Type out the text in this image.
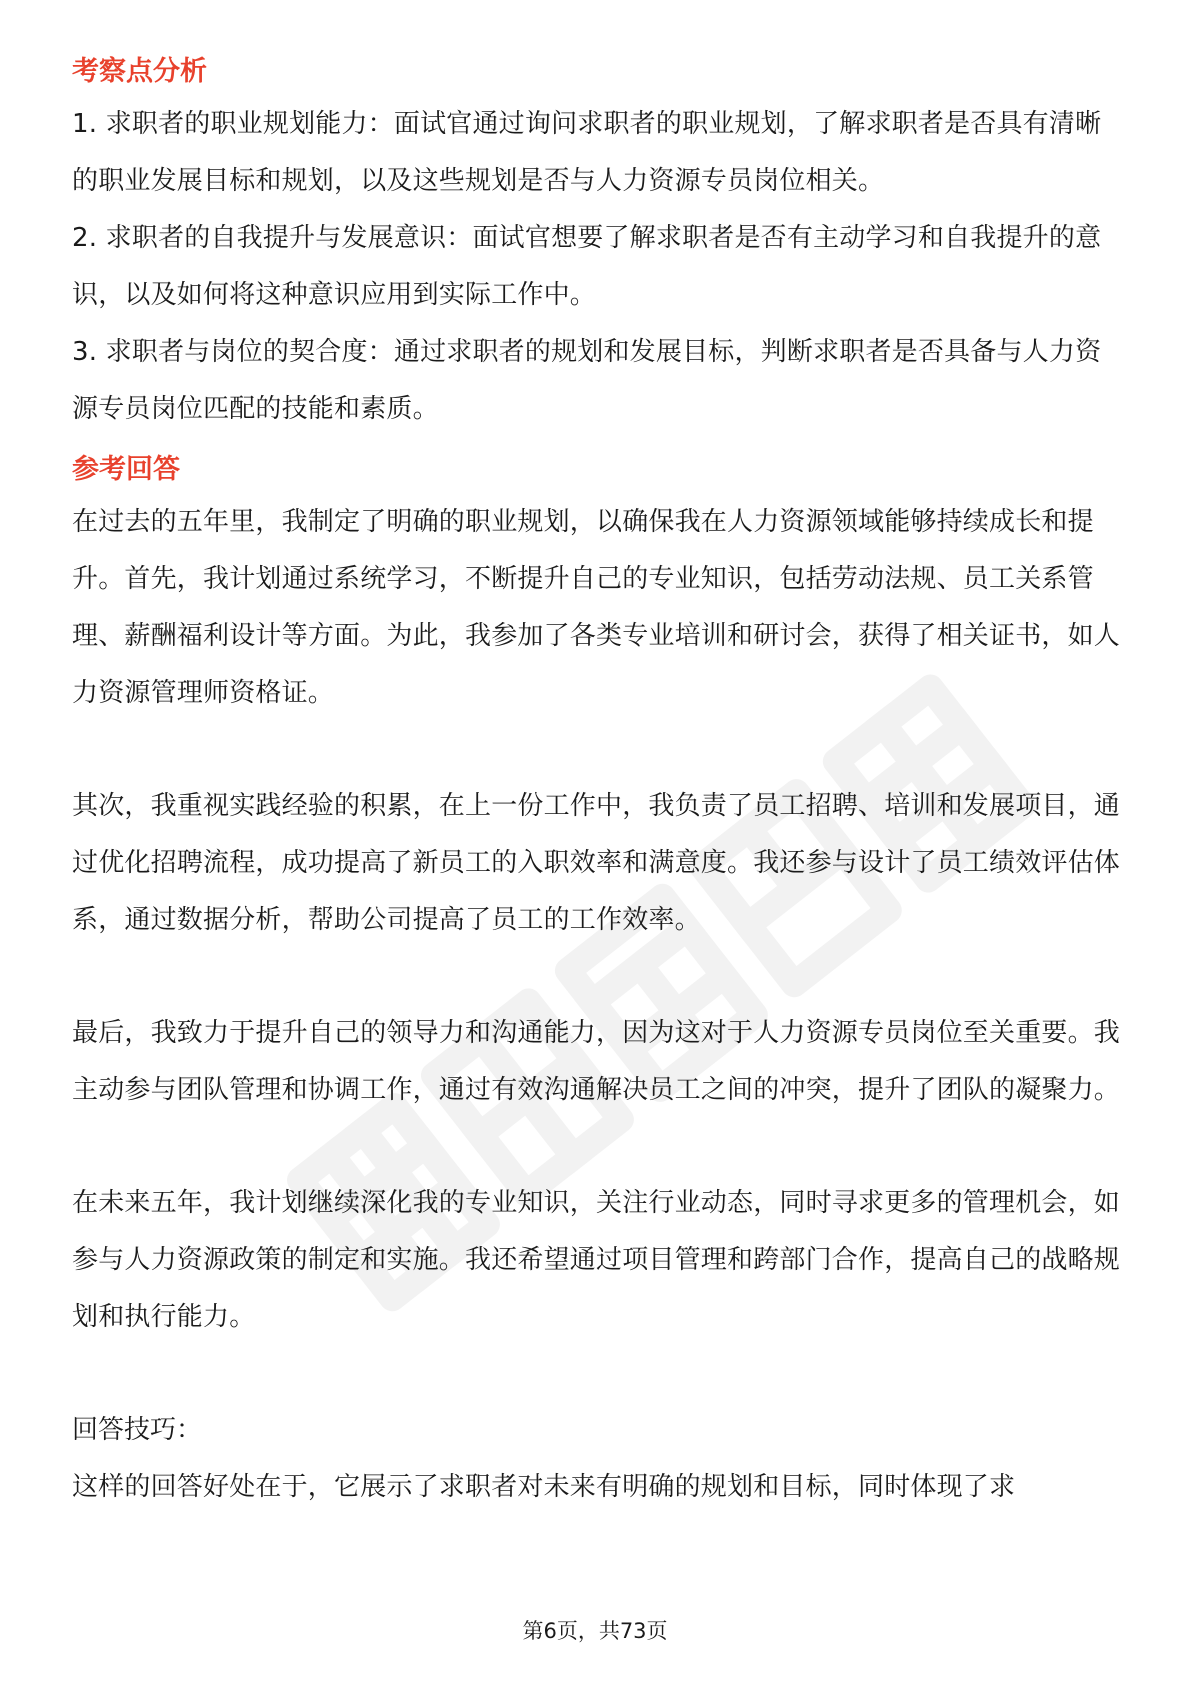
考察点分析

1. 求职者的职业规划能力：面试官通过询问求职者的职业规划，了解求职者是否具有清晰的职业发展目标和规划，以及这些规划是否与人力资源专员岗位相关。

2. 求职者的自我提升与发展意识：面试官想要了解求职者是否有主动学习和自我提升的意识，以及如何将这种意识应用到实际工作中。

3. 求职者与岗位的契合度：通过求职者的规划和发展目标，判断求职者是否具备与人力资源专员岗位匹配的技能和素质。

参考回答

在过去的五年里，我制定了明确的职业规划，以确保我在人力资源领域能够持续成长和提升。首先，我计划通过系统学习，不断提升自己的专业知识，包括劳动法规、员工关系管理、薪酬福利设计等方面。为此，我参加了各类专业培训和研讨会，获得了相关证书，如人力资源管理师资格证。

其次，我重视实践经验的积累，在上一份工作中，我负责了员工招聘、培训和发展项目，通过优化招聘流程，成功提高了新员工的入职效率和满意度。我还参与设计了员工绩效评估体系，通过数据分析，帮助公司提高了员工的工作效率。

最后，我致力于提升自己的领导力和沟通能力，因为这对于人力资源专员岗位至关重要。我主动参与团队管理和协调工作，通过有效沟通解决员工之间的冲突，提升了团队的凝聚力。

在未来五年，我计划继续深化我的专业知识，关注行业动态，同时寻求更多的管理机会，如参与人力资源政策的制定和实施。我还希望通过项目管理和跨部门合作，提高自己的战略规划和执行能力。

回答技巧：

这样的回答好处在于，它展示了求职者对未来有明确的规划和目标，同时体现了求

第6页，共73页
